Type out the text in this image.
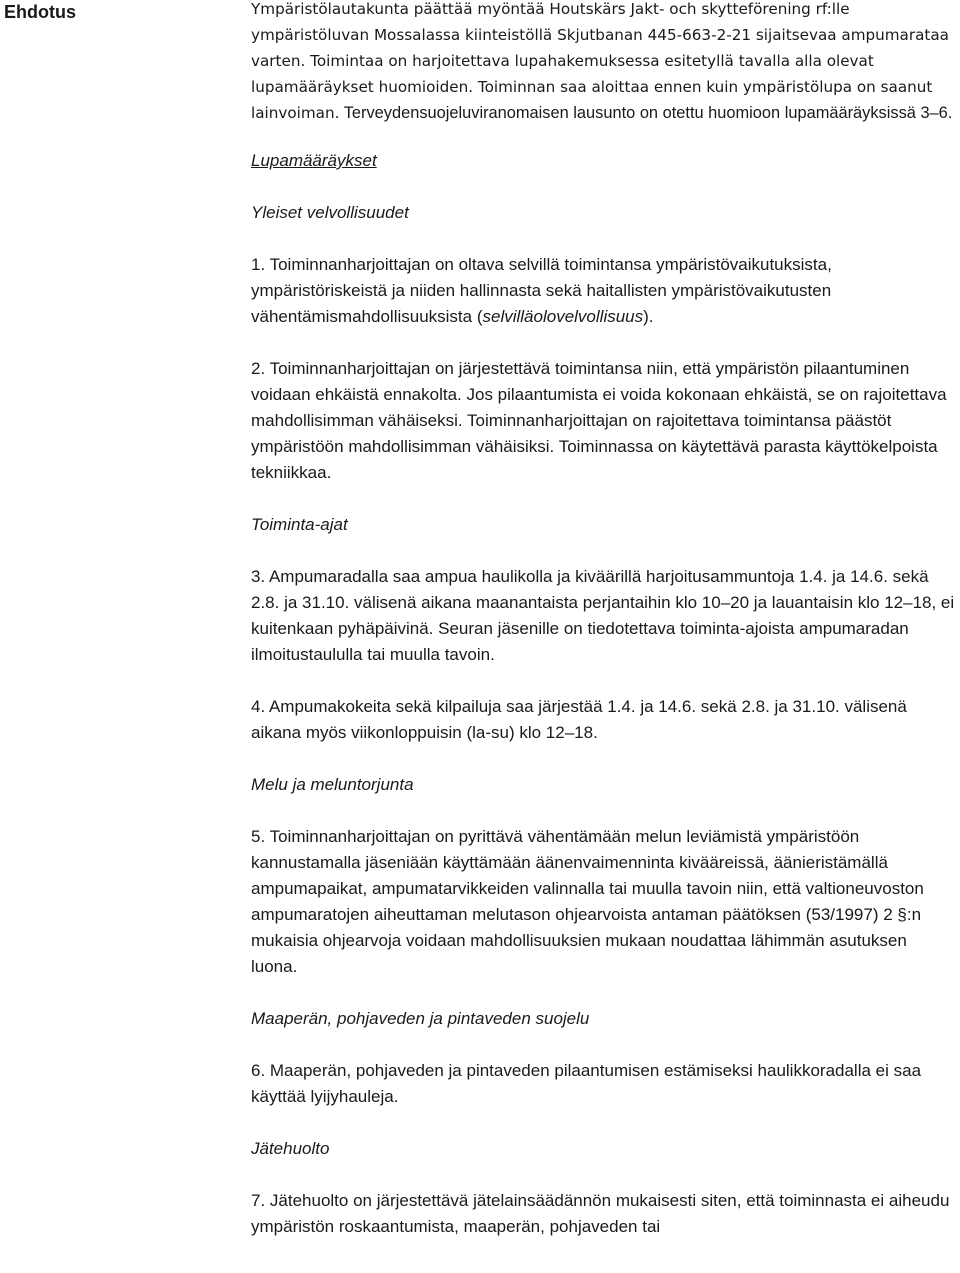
Ehdotus	Ympäristölautakunta päättää myöntää Houtskärs Jakt- och skytteförening rf:lle ympäristöluvan Mossalassa kiinteistöllä Skjutbanan 445-663-2-21 sijaitsevaa ampumarataa varten. Toimintaa on harjoitettava lupahakemuksessa esitetyllä tavalla alla olevat lupamääräykset huomioiden. Toiminnan saa aloittaa ennen kuin ympäristölupa on saanut lainvoiman. Terveydensuojeluviranomaisen lausunto on otettu huomioon lupamääräyksissä 3–6.

Lupamääräykset

Yleiset velvollisuudet

1. Toiminnanharjoittajan on oltava selvillä toimintansa ympäristövaikutuksista, ympäristöriskeistä ja niiden hallinnasta sekä haitallisten ympäristövaikutusten vähentämismahdollisuuksista (selvilläolovelvollisuus).

2. Toiminnanharjoittajan on järjestettävä toimintansa niin, että ympäristön pilaantuminen voidaan ehkäistä ennakolta. Jos pilaantumista ei voida kokonaan ehkäistä, se on rajoitettava mahdollisimman vähäiseksi. Toiminnanharjoittajan on rajoitettava toimintansa päästöt ympäristöön mahdollisimman vähäisiksi. Toiminnassa on käytettävä parasta käyttökelpoista tekniikkaa.

Toiminta-ajat

3. Ampumaradalla saa ampua haulikolla ja kiväärillä harjoitusammuntoja 1.4. ja 14.6. sekä 2.8. ja 31.10. välisenä aikana maanantaista perjantaihin klo 10–20 ja lauantaisin klo 12–18, ei kuitenkaan pyhäpäivinä. Seuran jäsenille on tiedotettava toiminta-ajoista ampumaradan ilmoitustaululla tai muulla tavoin.

4. Ampumakokeita sekä kilpailuja saa järjestää 1.4. ja 14.6. sekä 2.8. ja 31.10. välisenä aikana myös viikonloppuisin (la-su) klo 12–18.

Melu ja meluntorjunta

5. Toiminnanharjoittajan on pyrittävä vähentämään melun leviämistä ympäristöön kannustamalla jäseniään käyttämään äänenvaimenninta kivääreissä, äänieristämällä ampumapaikat, ampumatarvikkeiden valinnalla tai muulla tavoin niin, että valtioneuvoston ampumaratojen aiheuttaman melutason ohjearvoista antaman päätöksen (53/1997) 2 §:n mukaisia ohjearvoja voidaan mahdollisuuksien mukaan noudattaa lähimmän asutuksen luona.

Maaperän, pohjaveden ja pintaveden suojelu

6. Maaperän, pohjaveden ja pintaveden pilaantumisen estämiseksi haulikkoradalla ei saa käyttää lyijyhauleja.

Jätehuolto

7. Jätehuolto on järjestettävä jätelainsäädännön mukaisesti siten, että toiminnasta ei aiheudu ympäristön roskaantumista, maaperän, pohjaveden tai
